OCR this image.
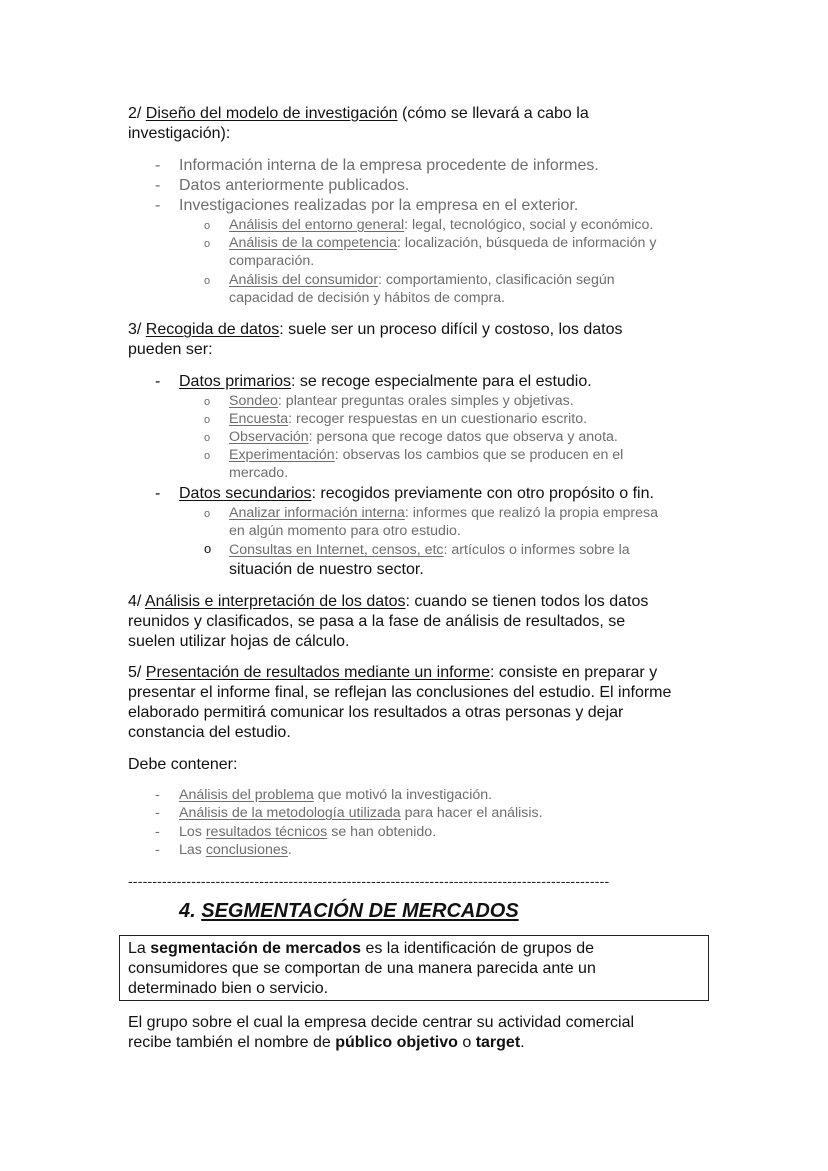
2/ Diseño del modelo de investigación (cómo se llevará a cabo la
investigación):
- Información interna de la empresa procedente de informes.
- Datos anteriormente publicados.
- Investigaciones realizadas por la empresa en el exterior.
o Análisis del entorno general: legal, tecnológico, social y económico.
o Análisis de la competencia: localización, búsqueda de información y
comparación.
o Análisis del consumidor: comportamiento, clasificación según
capacidad de decisión y hábitos de compra.
3/ Recogida de datos: suele ser un proceso difícil y costoso, los datos
pueden ser:
- Datos primarios: se recoge especialmente para el estudio.
o Sondeo: plantear preguntas orales simples y objetivas.
o Encuesta: recoger respuestas en un cuestionario escrito.
o Observación: persona que recoge datos que observa y anota.
o Experimentación: observas los cambios que se producen en el
mercado.
- Datos secundarios: recogidos previamente con otro propósito o fin.
o Analizar información interna: informes que realizó la propia empresa
en algún momento para otro estudio.
o Consultas en Internet, censos, etc: artículos o informes sobre la
situación de nuestro sector.
4/ Análisis e interpretación de los datos: cuando se tienen todos los datos
reunidos y clasificados, se pasa a la fase de análisis de resultados, se
suelen utilizar hojas de cálculo.
5/ Presentación de resultados mediante un informe: consiste en preparar y
presentar el informe final, se reflejan las conclusiones del estudio. El informe
elaborado permitirá comunicar los resultados a otras personas y dejar
constancia del estudio.
Debe contener:
-	Análisis del problema que motivó la investigación.
-	Análisis de la metodología utilizada para hacer el análisis.
-	Los resultados técnicos se han obtenido.
-	Las conclusiones.
---------------------------------------------------------------------------------------------------
4. SEGMENTACIÓN DE MERCADOS
La segmentación de mercados es la identificación de grupos de
consumidores que se comportan de una manera parecida ante un
determinado bien o servicio.
El grupo sobre el cual la empresa decide centrar su actividad comercial
recibe también el nombre de público objetivo o target.
